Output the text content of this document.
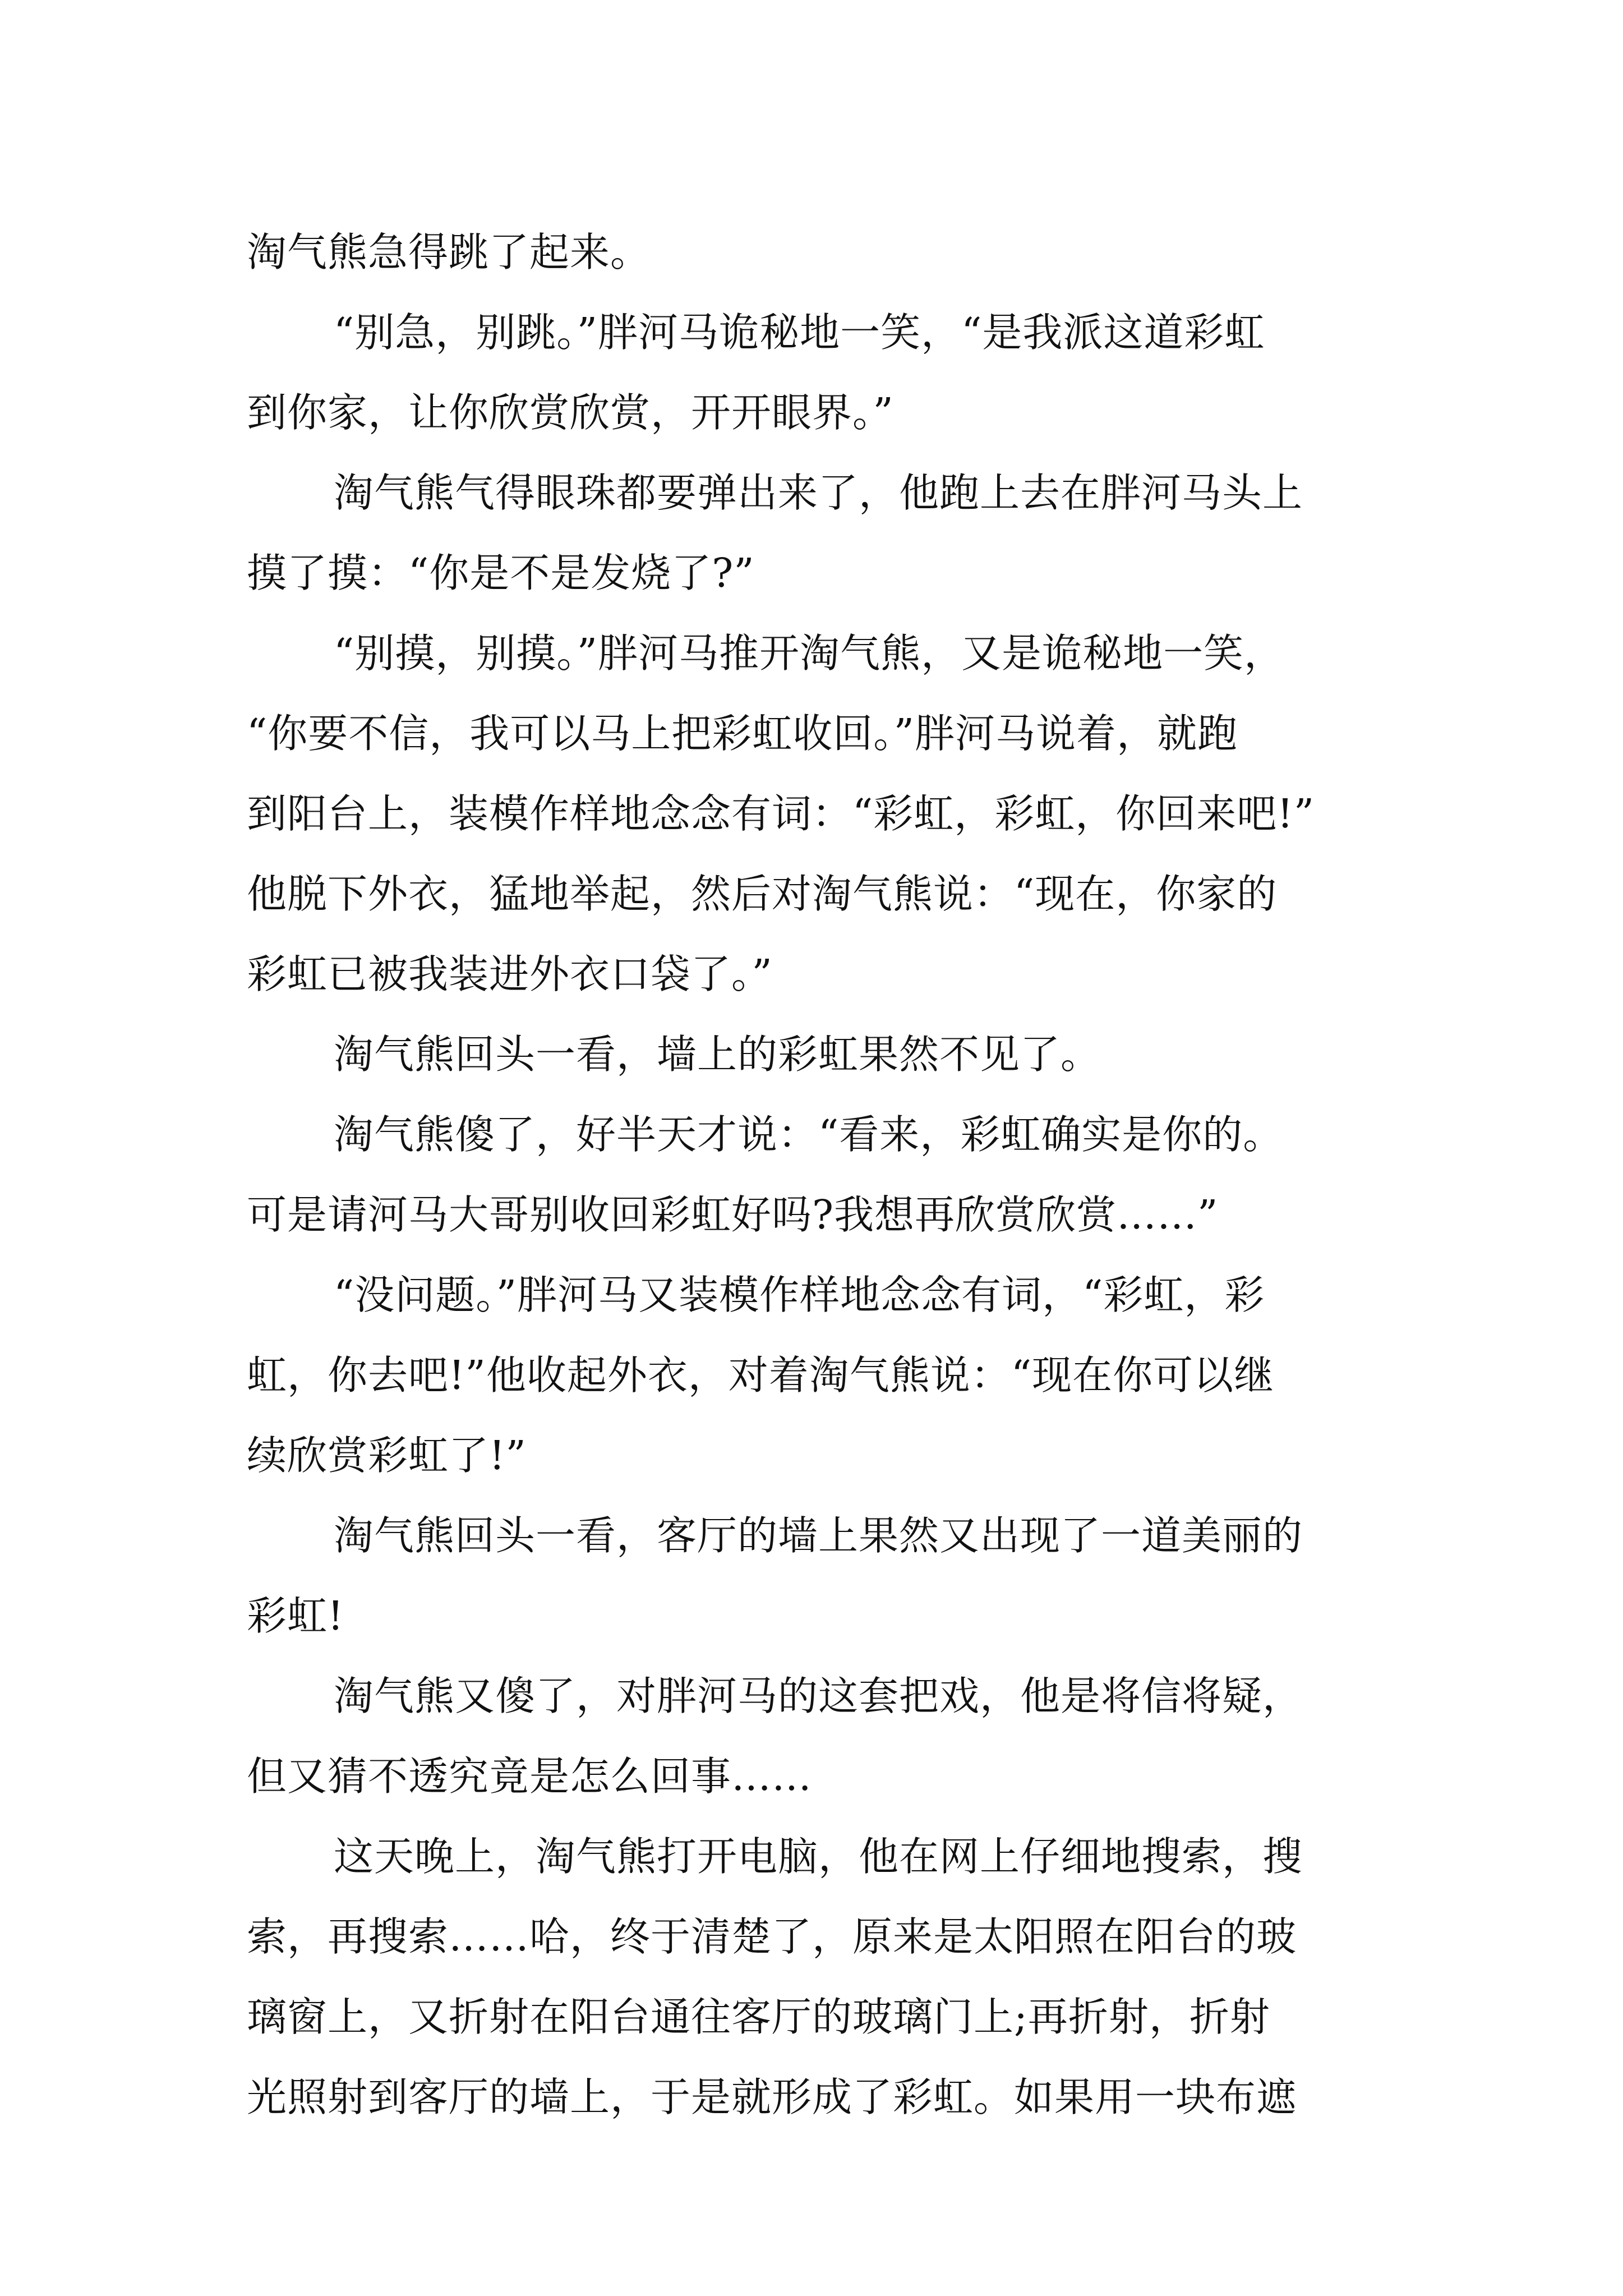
淘气熊急得跳了起来。
“别急，别跳。”胖河马诡秘地一笑，“是我派这道彩虹
到你家，让你欣赏欣赏，开开眼界。”
淘气熊气得眼珠都要弹出来了，他跑上去在胖河马头上
摸了摸：“你是不是发烧了?”
“别摸，别摸。”胖河马推开淘气熊，又是诡秘地一笑，
“你要不信，我可以马上把彩虹收回。”胖河马说着，就跑
到阳台上，装模作样地念念有词：“彩虹，彩虹，你回来吧!”
他脱下外衣，猛地举起，然后对淘气熊说：“现在，你家的
彩虹已被我装进外衣口袋了。”
淘气熊回头一看，墙上的彩虹果然不见了。
淘气熊傻了，好半天才说：“看来，彩虹确实是你的。
可是请河马大哥别收回彩虹好吗?我想再欣赏欣赏……”
“没问题。”胖河马又装模作样地念念有词，“彩虹，彩
虹，你去吧!”他收起外衣，对着淘气熊说：“现在你可以继
续欣赏彩虹了!”
淘气熊回头一看，客厅的墙上果然又出现了一道美丽的
彩虹!
淘气熊又傻了，对胖河马的这套把戏，他是将信将疑，
但又猜不透究竟是怎么回事……
这天晚上，淘气熊打开电脑，他在网上仔细地搜索，搜
索，再搜索……哈，终于清楚了，原来是太阳照在阳台的玻
璃窗上，又折射在阳台通往客厅的玻璃门上;再折射，折射
光照射到客厅的墙上，于是就形成了彩虹。如果用一块布遮
